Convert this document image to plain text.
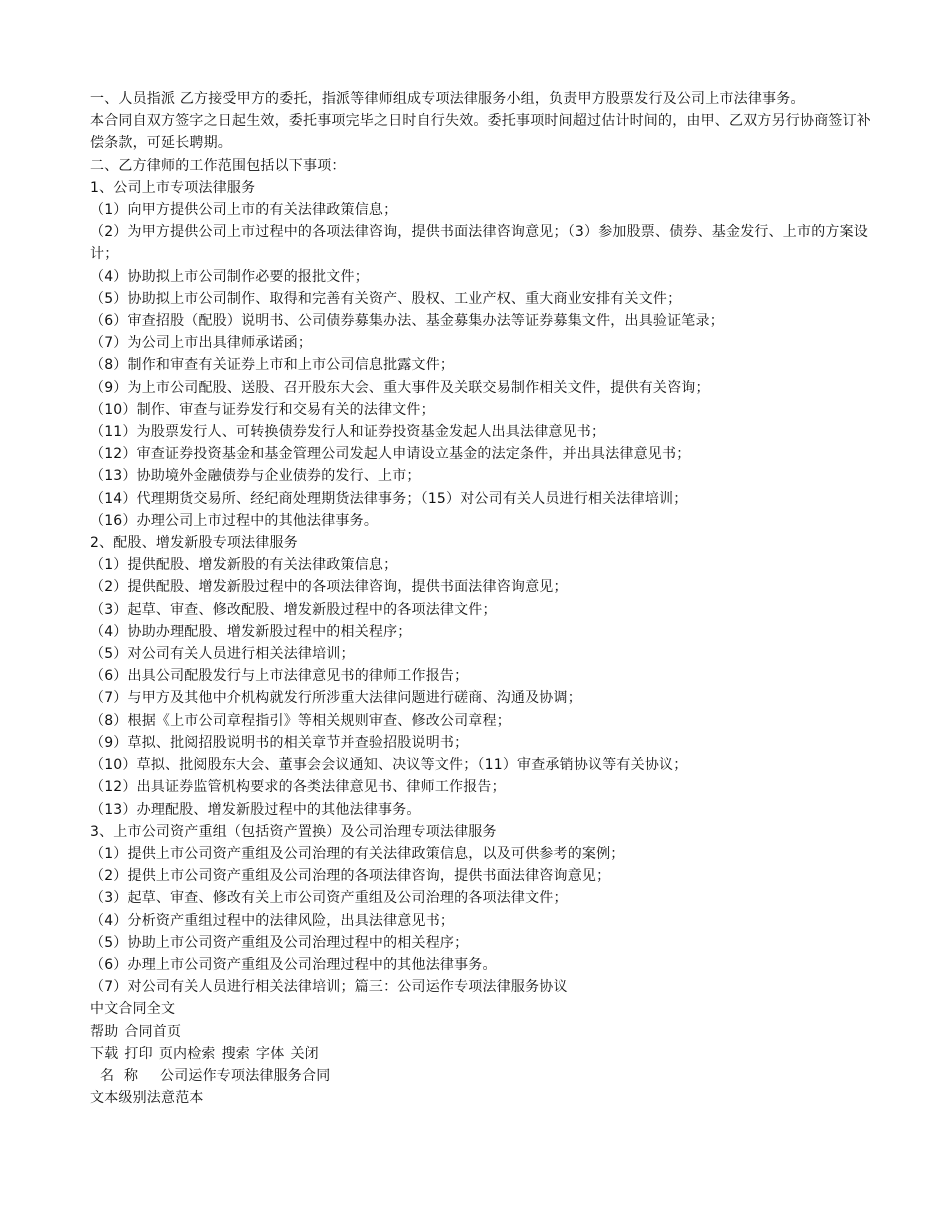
一、人员指派 乙方接受甲方的委托，指派等律师组成专项法律服务小组，负责甲方股票发行及公司上市法律事务。
本合同自双方签字之日起生效，委托事项完毕之日时自行失效。委托事项时间超过估计时间的，由甲、乙双方另行协商签订补偿条款，可延长聘期。
二、乙方律师的工作范围包括以下事项：
1、公司上市专项法律服务
（1）向甲方提供公司上市的有关法律政策信息；
（2）为甲方提供公司上市过程中的各项法律咨询，提供书面法律咨询意见；（3）参加股票、债券、基金发行、上市的方案设计；
（4）协助拟上市公司制作必要的报批文件；
（5）协助拟上市公司制作、取得和完善有关资产、股权、工业产权、重大商业安排有关文件；
（6）审查招股（配股）说明书、公司债券募集办法、基金募集办法等证券募集文件，出具验证笔录；
（7）为公司上市出具律师承诺函；
（8）制作和审查有关证券上市和上市公司信息批露文件；
（9）为上市公司配股、送股、召开股东大会、重大事件及关联交易制作相关文件，提供有关咨询；
（10）制作、审查与证券发行和交易有关的法律文件；
（11）为股票发行人、可转换债券发行人和证券投资基金发起人出具法律意见书；
（12）审查证券投资基金和基金管理公司发起人申请设立基金的法定条件，并出具法律意见书；
（13）协助境外金融债券与企业债券的发行、上市；
（14）代理期货交易所、经纪商处理期货法律事务；（15）对公司有关人员进行相关法律培训；
（16）办理公司上市过程中的其他法律事务。
2、配股、增发新股专项法律服务
（1）提供配股、增发新股的有关法律政策信息；
（2）提供配股、增发新股过程中的各项法律咨询，提供书面法律咨询意见；
（3）起草、审查、修改配股、增发新股过程中的各项法律文件；
（4）协助办理配股、增发新股过程中的相关程序；
（5）对公司有关人员进行相关法律培训；
（6）出具公司配股发行与上市法律意见书的律师工作报告；
（7）与甲方及其他中介机构就发行所涉重大法律问题进行磋商、沟通及协调；
（8）根据《上市公司章程指引》等相关规则审查、修改公司章程；
（9）草拟、批阅招股说明书的相关章节并查验招股说明书；
（10）草拟、批阅股东大会、董事会会议通知、决议等文件；（11）审查承销协议等有关协议；
（12）出具证券监管机构要求的各类法律意见书、律师工作报告；
（13）办理配股、增发新股过程中的其他法律事务。
3、上市公司资产重组（包括资产置换）及公司治理专项法律服务
（1）提供上市公司资产重组及公司治理的有关法律政策信息，以及可供参考的案例；
（2）提供上市公司资产重组及公司治理的各项法律咨询，提供书面法律咨询意见；
（3）起草、审查、修改有关上市公司资产重组及公司治理的各项法律文件；
（4）分析资产重组过程中的法律风险，出具法律意见书；
（5）协助上市公司资产重组及公司治理过程中的相关程序；
（6）办理上市公司资产重组及公司治理过程中的其他法律事务。
（7）对公司有关人员进行相关法律培训；篇三：公司运作专项法律服务协议
中文合同全文
帮助 合同首页
下载 打印 页内检索 搜索 字体 关闭
名称 公司运作专项法律服务合同
文本级别法意范本
